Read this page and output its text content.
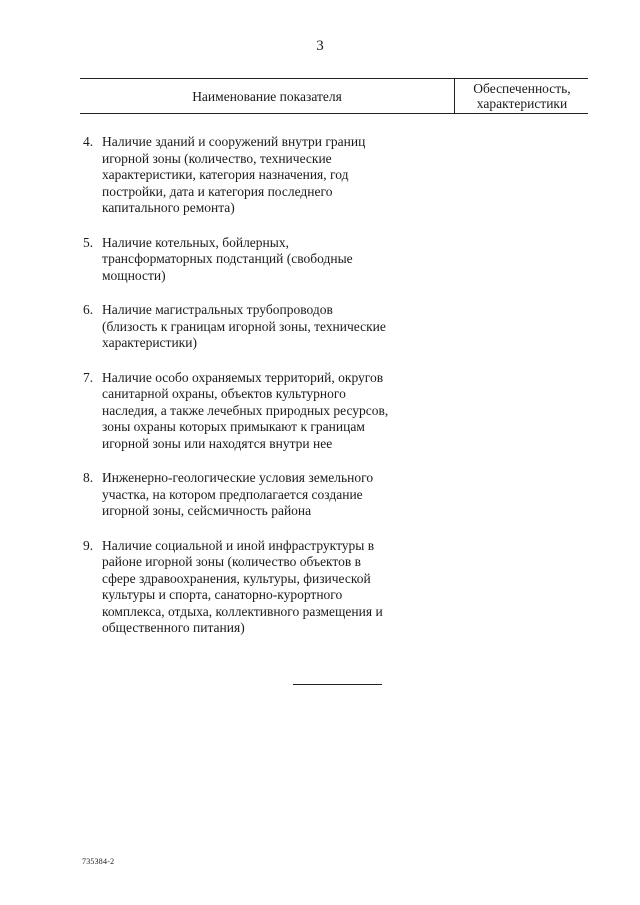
3
Наименование показателя
Обеспеченность,
характеристики
4. Наличие зданий и сооружений внутри границ
игорной зоны (количество, технические
характеристики, категория назначения, год
постройки, дата и категория последнего
капитального ремонта)
5. Наличие котельных, бойлерных,
трансформаторных подстанций (свободные
мощности)
6. Наличие магистральных трубопроводов
(близость к границам игорной зоны, технические
характеристики)
7. Наличие особо охраняемых территорий, округов
санитарной охраны, объектов культурного
наследия, а также лечебных природных ресурсов,
зоны охраны которых примыкают к границам
игорной зоны или находятся внутри нее
8. Инженерно-геологические условия земельного
участка, на котором предполагается создание
игорной зоны, сейсмичность района
9. Наличие социальной и иной инфраструктуры в
районе игорной зоны (количество объектов в
сфере здравоохранения, культуры, физической
культуры и спорта, санаторно-курортного
комплекса, отдыха, коллективного размещения и
общественного питания)
735384-2
